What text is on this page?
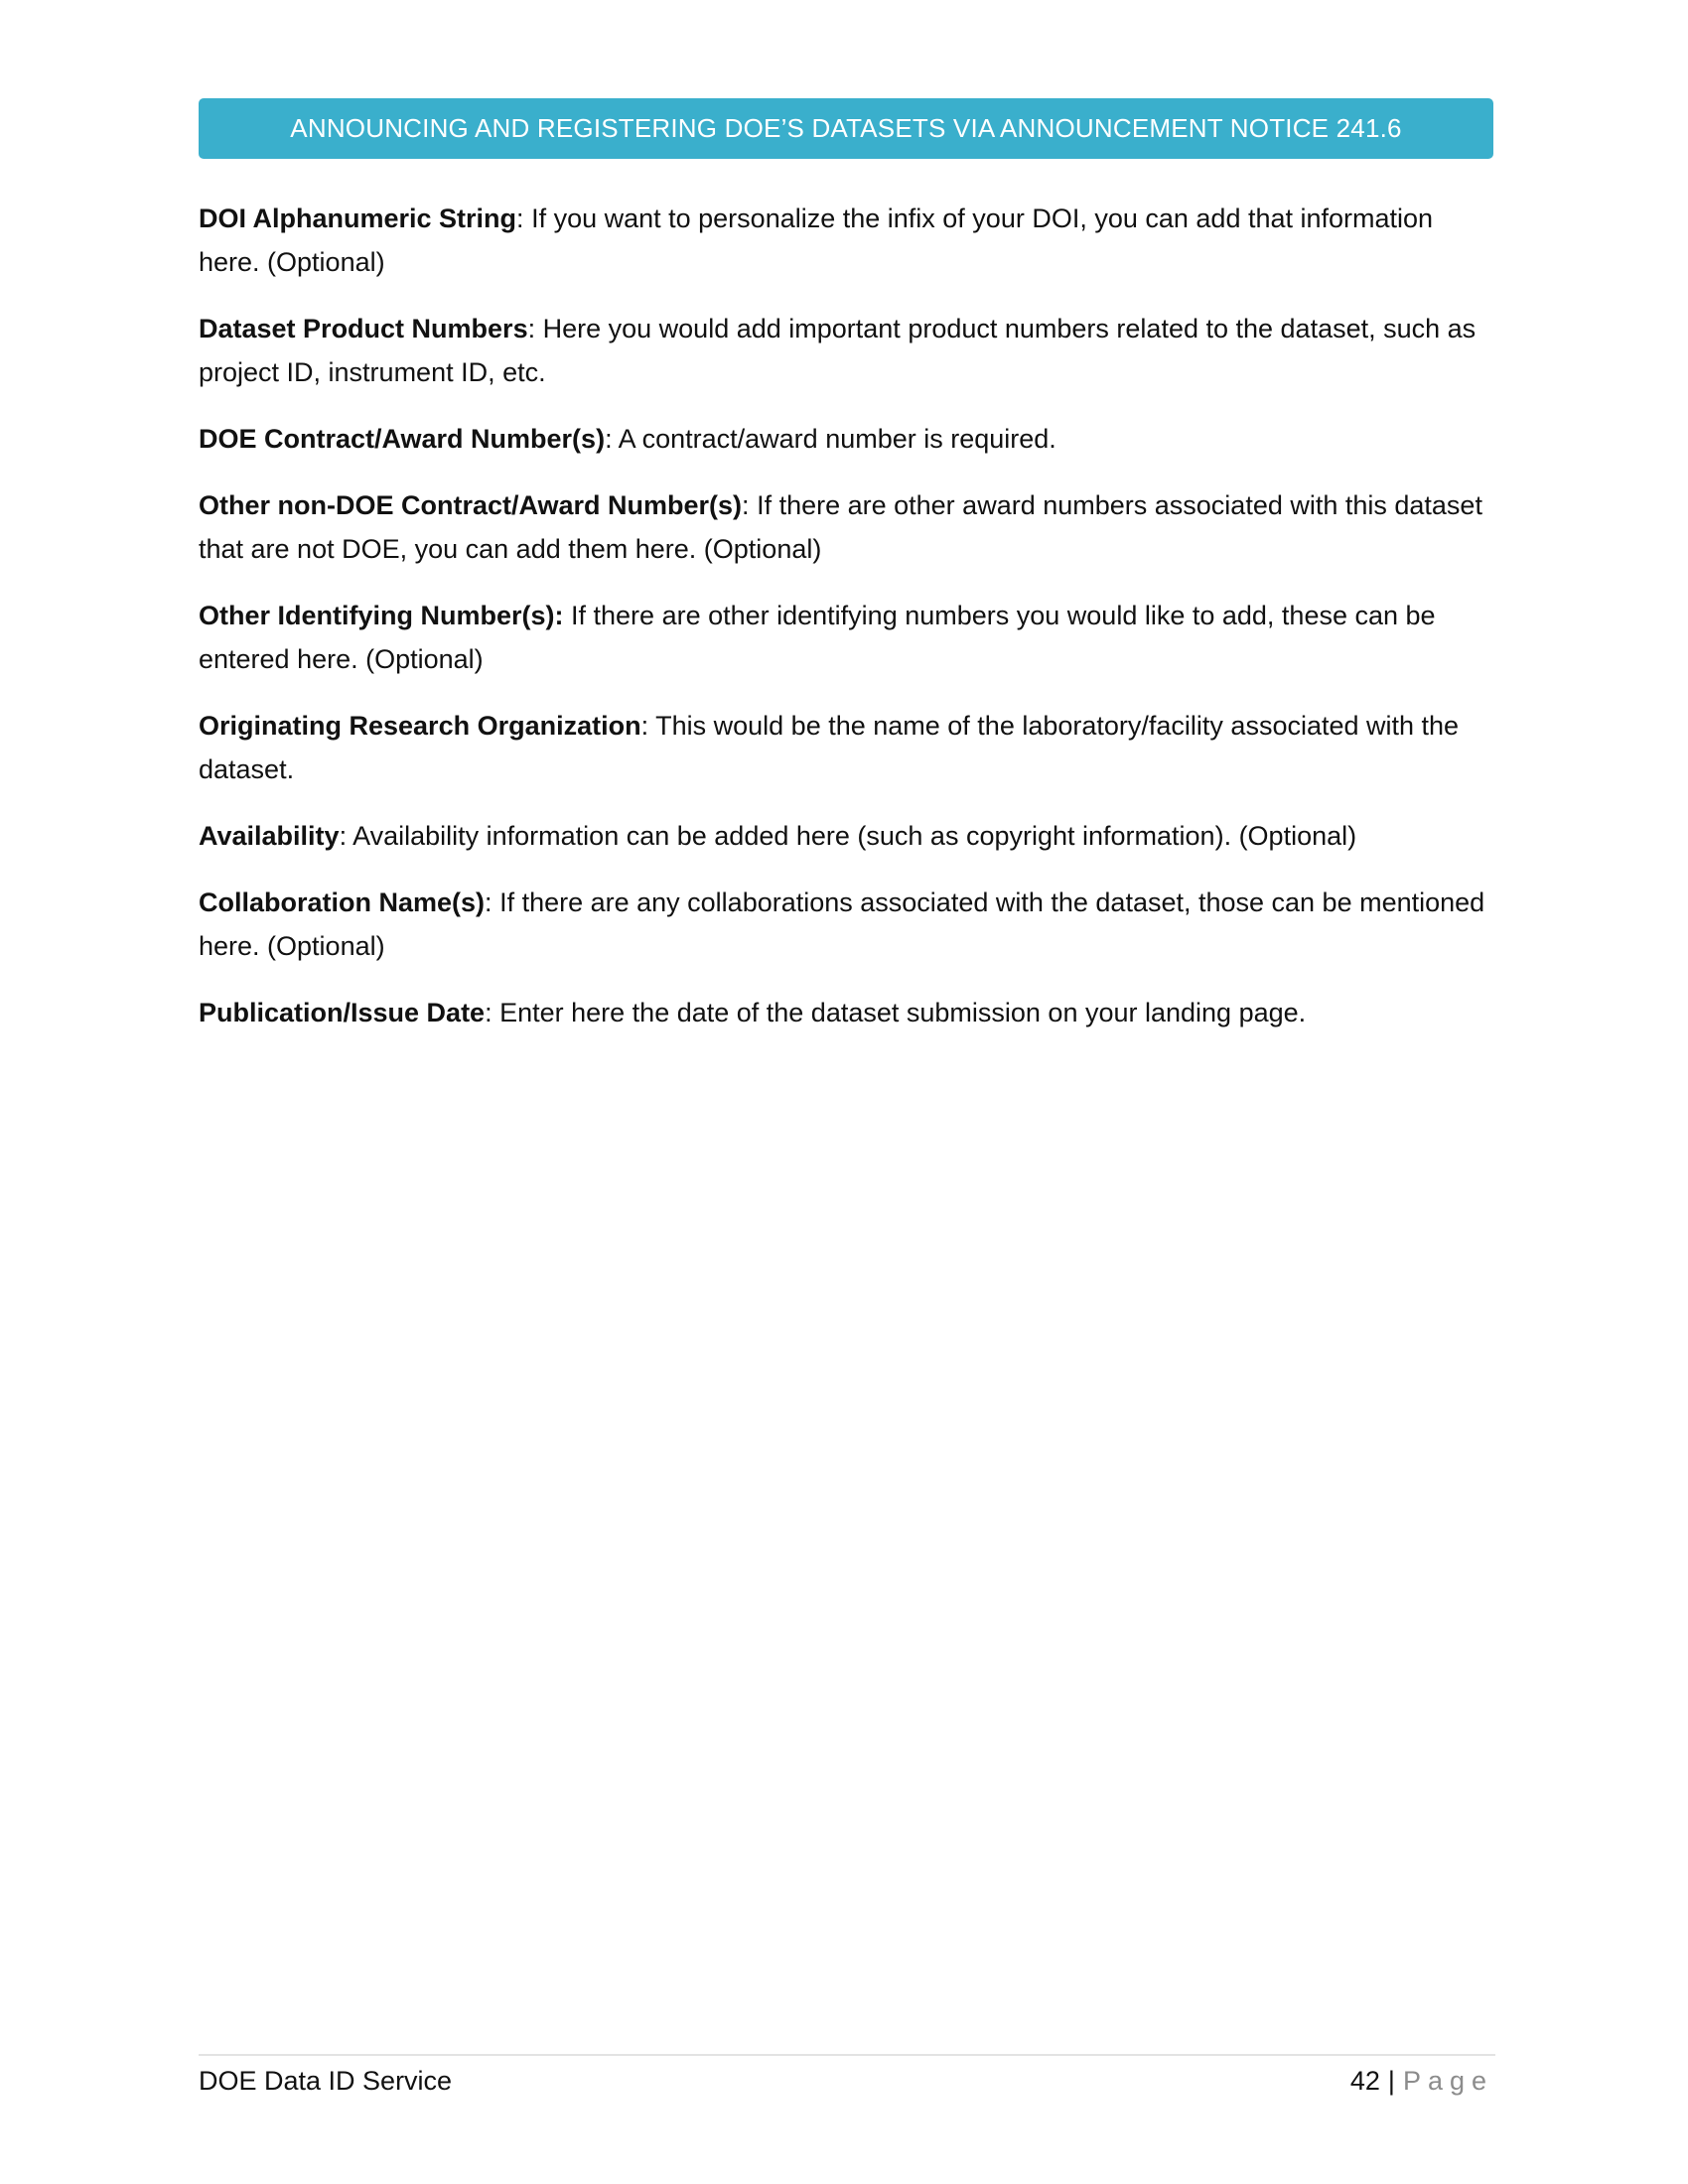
ANNOUNCING AND REGISTERING DOE’S DATASETS VIA ANNOUNCEMENT NOTICE 241.6

DOI Alphanumeric String: If you want to personalize the infix of your DOI, you can add that information here. (Optional)

Dataset Product Numbers: Here you would add important product numbers related to the dataset, such as project ID, instrument ID, etc.

DOE Contract/Award Number(s): A contract/award number is required.

Other non-DOE Contract/Award Number(s): If there are other award numbers associated with this dataset that are not DOE, you can add them here. (Optional)

Other Identifying Number(s): If there are other identifying numbers you would like to add, these can be entered here. (Optional)

Originating Research Organization: This would be the name of the laboratory/facility associated with the dataset.

Availability: Availability information can be added here (such as copyright information). (Optional)

Collaboration Name(s): If there are any collaborations associated with the dataset, those can be mentioned here. (Optional)

Publication/Issue Date: Enter here the date of the dataset submission on your landing page.

DOE Data ID Service	42 | Page
